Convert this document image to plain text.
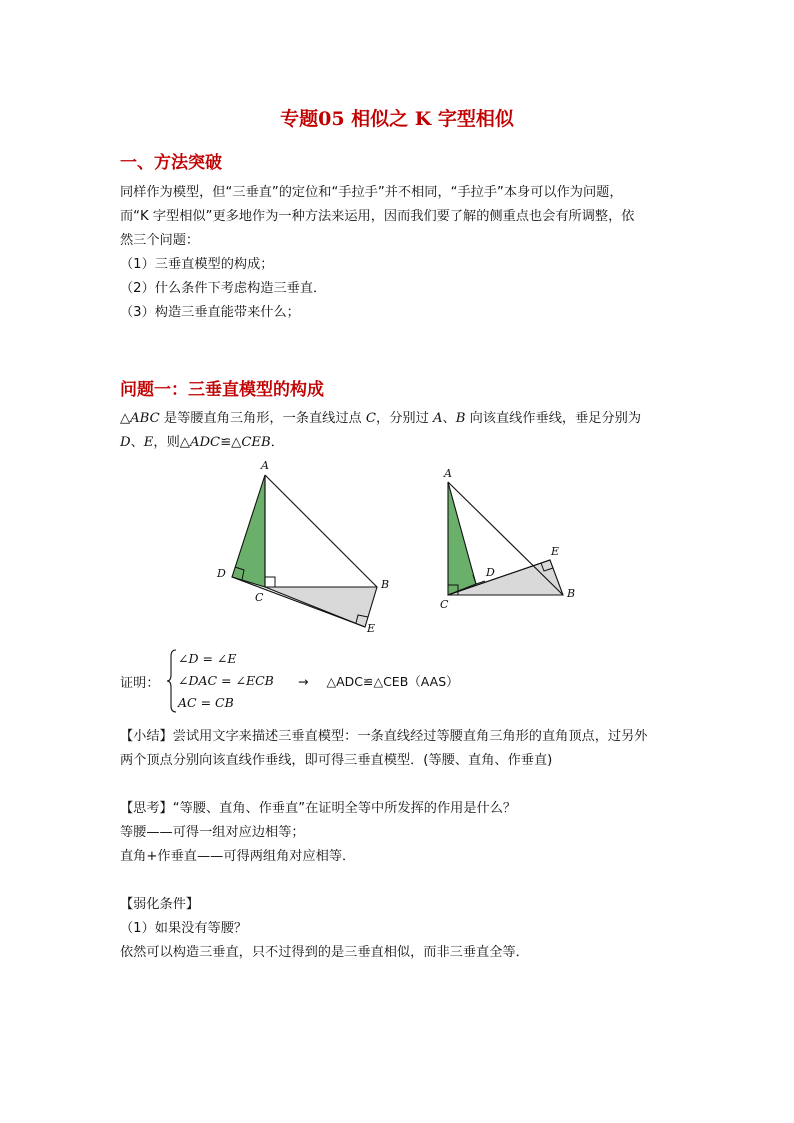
专题05 相似之 K 字型相似
一、方法突破
同样作为模型，但“三垂直”的定位和“手拉手”并不相同，“手拉手”本身可以作为问题，
而“K 字型相似”更多地作为一种方法来运用，因而我们要了解的侧重点也会有所调整，依
然三个问题：
（1）三垂直模型的构成；
（2）什么条件下考虑构造三垂直．
（3）构造三垂直能带来什么；
问题一：三垂直模型的构成
△ABC 是等腰直角三角形，一条直线过点 C，分别过 A、B 向该直线作垂线，垂足分别为
D、E，则△ADC≌△CEB．
A
B
C
D
E
A
B
C
D
E
证明：
∠D = ∠E
∠DAC = ∠ECB
AC = CB
→ △ADC≌△CEB（AAS）
【小结】尝试用文字来描述三垂直模型：一条直线经过等腰直角三角形的直角顶点，过另外
两个顶点分别向该直线作垂线，即可得三垂直模型．(等腰、直角、作垂直)
【思考】“等腰、直角、作垂直”在证明全等中所发挥的作用是什么？
等腰——可得一组对应边相等；
直角+作垂直——可得两组角对应相等．
【弱化条件】
（1）如果没有等腰？
依然可以构造三垂直，只不过得到的是三垂直相似，而非三垂直全等．
